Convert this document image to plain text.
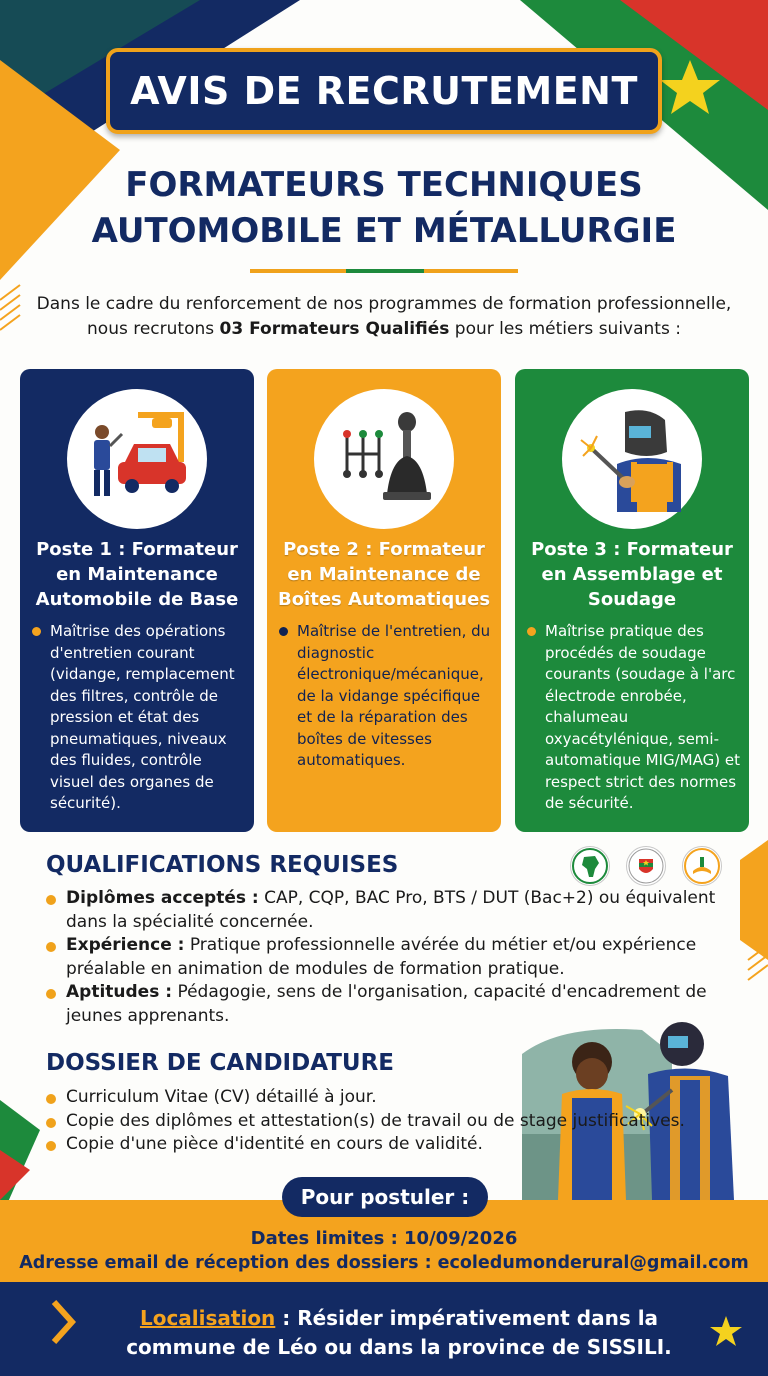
AVIS DE RECRUTEMENT
FORMATEURS TECHNIQUES
AUTOMOBILE ET MÉTALLURGIE
Dans le cadre du renforcement de nos programmes de formation professionnelle, nous recrutons 03 Formateurs Qualifiés pour les métiers suivants :
Poste 1 : Formateur en Maintenance Automobile de Base
Maîtrise des opérations d'entretien courant (vidange, remplacement des filtres, contrôle de pression et état des pneumatiques, niveaux des fluides, contrôle visuel des organes de sécurité).
Poste 2 : Formateur en Maintenance de Boîtes Automatiques
Maîtrise de l'entretien, du diagnostic électronique/mécanique, de la vidange spécifique et de la réparation des boîtes de vitesses automatiques.
Poste 3 : Formateur en Assemblage et Soudage
Maîtrise pratique des procédés de soudage courants (soudage à l'arc électrode enrobée, chalumeau oxyacétylénique, semi-automatique MIG/MAG) et respect strict des normes de sécurité.
QUALIFICATIONS REQUISES
Diplômes acceptés : CAP, CQP, BAC Pro, BTS / DUT (Bac+2) ou équivalent dans la spécialité concernée.
Expérience : Pratique professionnelle avérée du métier et/ou expérience préalable en animation de modules de formation pratique.
Aptitudes : Pédagogie, sens de l'organisation, capacité d'encadrement de jeunes apprenants.
DOSSIER DE CANDIDATURE
Curriculum Vitae (CV) détaillé à jour.
Copie des diplômes et attestation(s) de travail ou de stage justificatives.
Copie d'une pièce d'identité en cours de validité.
Pour postuler :
Dates limites : 10/09/2026
Adresse email de réception des dossiers : ecoledumonderural@gmail.com
Localisation : Résider impérativement dans la commune de Léo ou dans la province de SISSILI.
